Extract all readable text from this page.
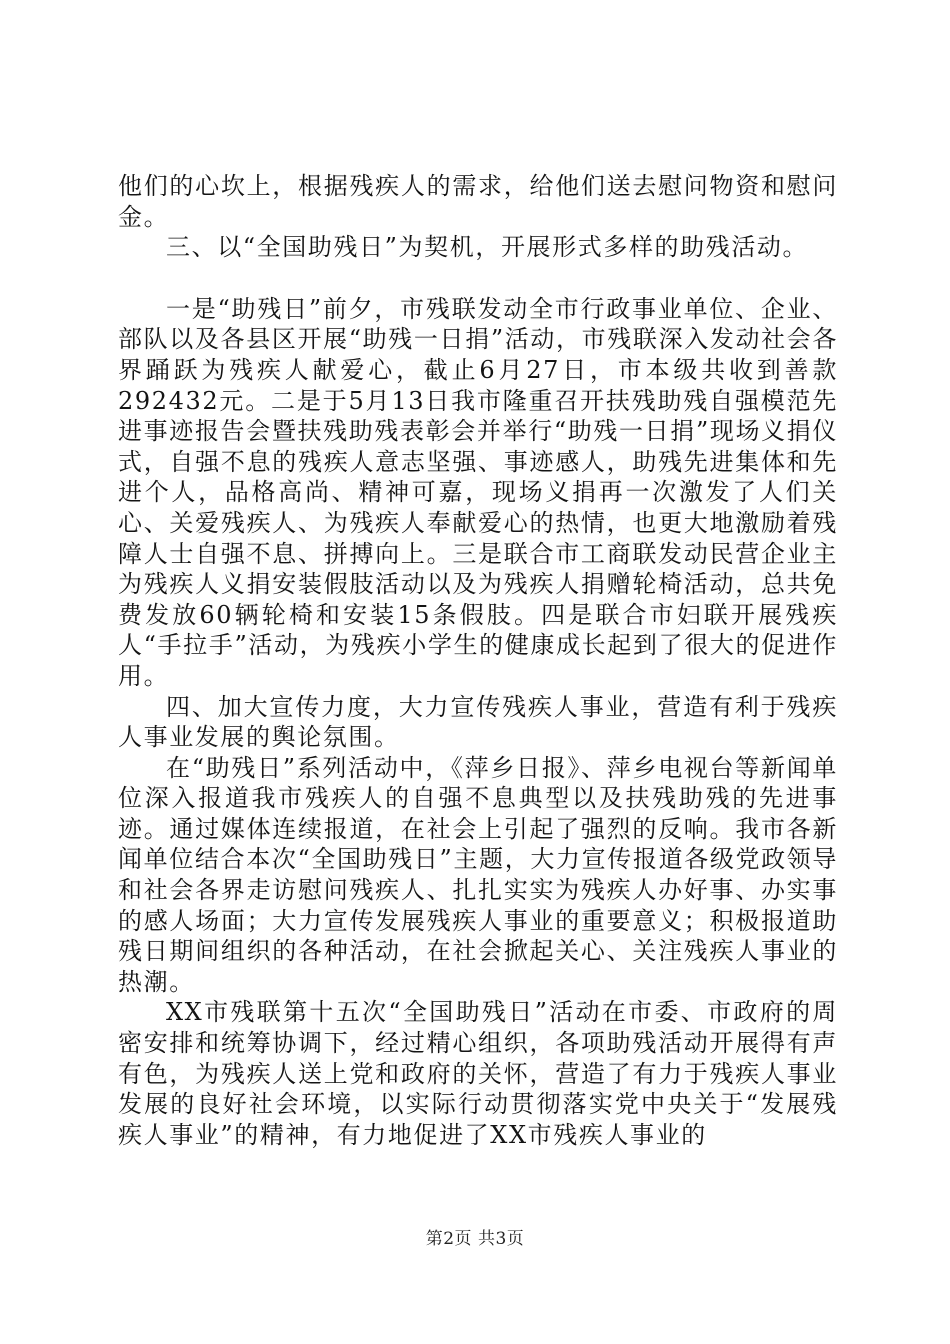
他们的心坎上，根据残疾人的需求，给他们送去慰问物资和慰问金。

三、以“全国助残日”为契机，开展形式多样的助残活动。

一是“助残日”前夕，市残联发动全市行政事业单位、企业、部队以及各县区开展“助残一日捐”活动，市残联深入发动社会各界踊跃为残疾人献爱心，截止6月27日，市本级共收到善款292432元。二是于5月13日我市隆重召开扶残助残自强模范先进事迹报告会暨扶残助残表彰会并举行“助残一日捐”现场义捐仪式，自强不息的残疾人意志坚强、事迹感人，助残先进集体和先进个人，品格高尚、精神可嘉，现场义捐再一次激发了人们关心、关爱残疾人、为残疾人奉献爱心的热情，也更大地激励着残障人士自强不息、拼搏向上。三是联合市工商联发动民营企业主为残疾人义捐安装假肢活动以及为残疾人捐赠轮椅活动，总共免费发放60辆轮椅和安装15条假肢。四是联合市妇联开展残疾人“手拉手”活动，为残疾小学生的健康成长起到了很大的促进作用。

四、加大宣传力度，大力宣传残疾人事业，营造有利于残疾人事业发展的舆论氛围。

在“助残日”系列活动中，《萍乡日报》、萍乡电视台等新闻单位深入报道我市残疾人的自强不息典型以及扶残助残的先进事迹。通过媒体连续报道，在社会上引起了强烈的反响。我市各新闻单位结合本次“全国助残日”主题，大力宣传报道各级党政领导和社会各界走访慰问残疾人、扎扎实实为残疾人办好事、办实事的感人场面；大力宣传发展残疾人事业的重要意义；积极报道助残日期间组织的各种活动，在社会掀起关心、关注残疾人事业的热潮。

XX市残联第十五次“全国助残日”活动在市委、市政府的周密安排和统筹协调下，经过精心组织，各项助残活动开展得有声有色，为残疾人送上党和政府的关怀，营造了有力于残疾人事业发展的良好社会环境，以实际行动贯彻落实党中央关于“发展残疾人事业”的精神，有力地促进了XX市残疾人事业的

第2页 共3页
